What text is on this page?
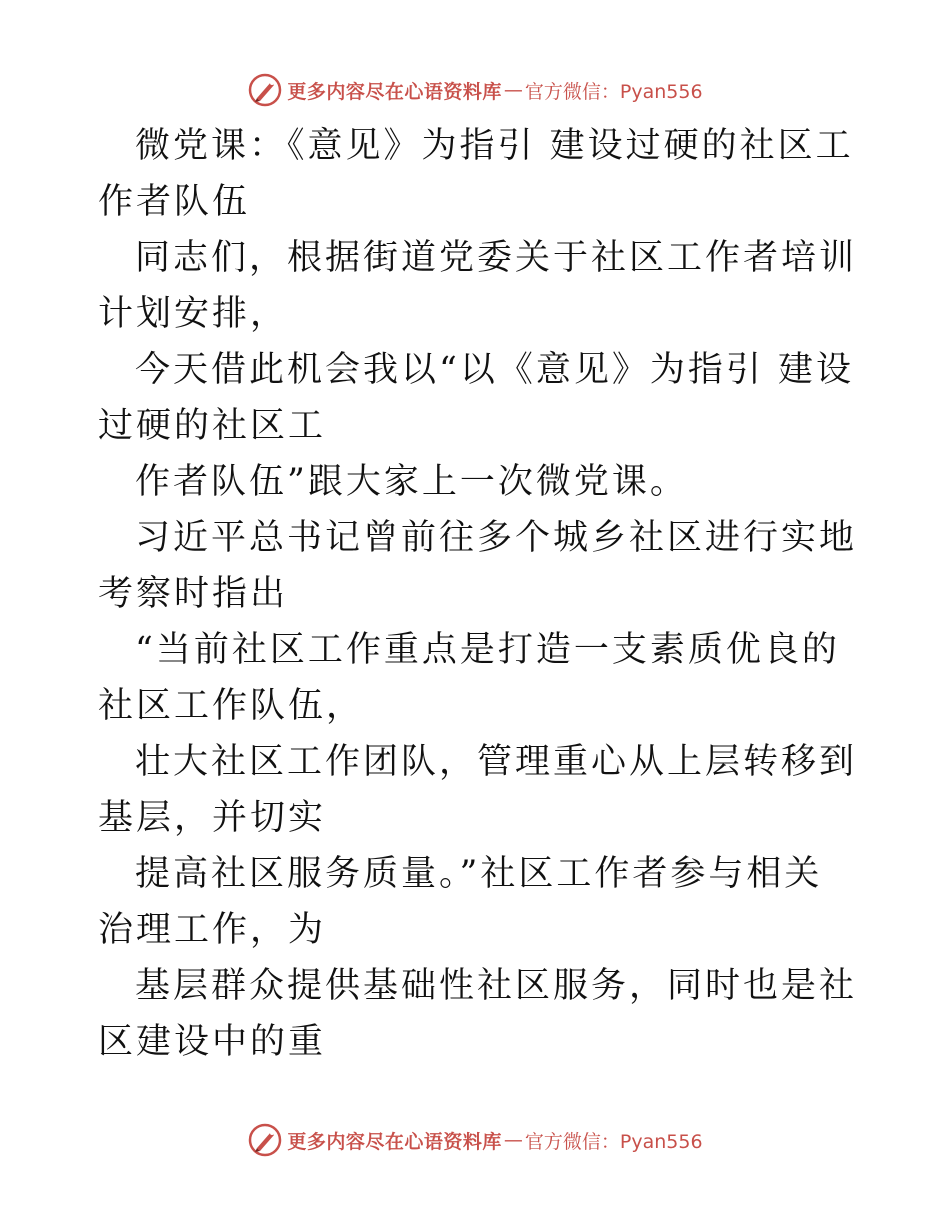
更多内容尽在心语资料库 — 官方微信：Pyan556

微党课：《意见》为指引 建设过硬的社区工作者队伍

同志们，根据街道党委关于社区工作者培训计划安排，

今天借此机会我以“以《意见》为指引 建设过硬的社区工

作者队伍”跟大家上一次微党课。

习近平总书记曾前往多个城乡社区进行实地考察时指出

“当前社区工作重点是打造一支素质优良的社区工作队伍，

壮大社区工作团队，管理重心从上层转移到基层，并切实

提高社区服务质量。”社区工作者参与相关治理工作，为

基层群众提供基础性社区服务，同时也是社区建设中的重

更多内容尽在心语资料库 — 官方微信：Pyan556
